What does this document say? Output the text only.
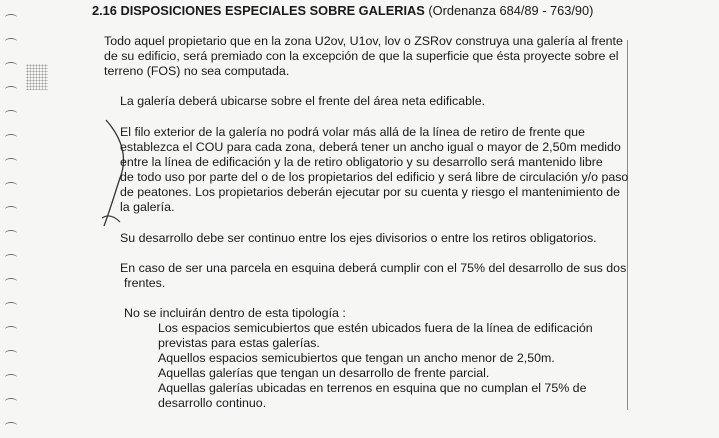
2.16 DISPOSICIONES ESPECIALES SOBRE GALERIAS (Ordenanza 684/89 - 763/90)

Todo aquel propietario que en la zona U2ov, U1ov, lov o ZSRov construya una galería al frente

de su edificio, será premiado con la excepción de que la superficie que ésta proyecte sobre el

terreno (FOS) no sea computada.

La galería deberá ubicarse sobre el frente del área neta edificable.

El filo exterior de la galería no podrá volar más allá de la línea de retiro de frente que

establezca el COU para cada zona, deberá tener un ancho igual o mayor de 2,50m medido

entre la línea de edificación y la de retiro obligatorio y su desarrollo será mantenido libre

de todo uso por parte del o de los propietarios del edificio y será libre de circulación y/o paso

de peatones. Los propietarios deberán ejecutar por su cuenta y riesgo el mantenimiento de

la galería.

Su desarrollo debe ser continuo entre los ejes divisorios o entre los retiros obligatorios.

En caso de ser una parcela en esquina deberá cumplir con el 75% del desarrollo de sus dos

frentes.

No se incluirán dentro de esta tipología :

Los espacios semicubiertos que estén ubicados fuera de la línea de edificación

previstas para estas galerías.

Aquellos espacios semicubiertos que tengan un ancho menor de 2,50m.

Aquellas galerías que tengan un desarrollo de frente parcial.

Aquellas galerías ubicadas en terrenos en esquina que no cumplan el 75% de

desarrollo continuo.
